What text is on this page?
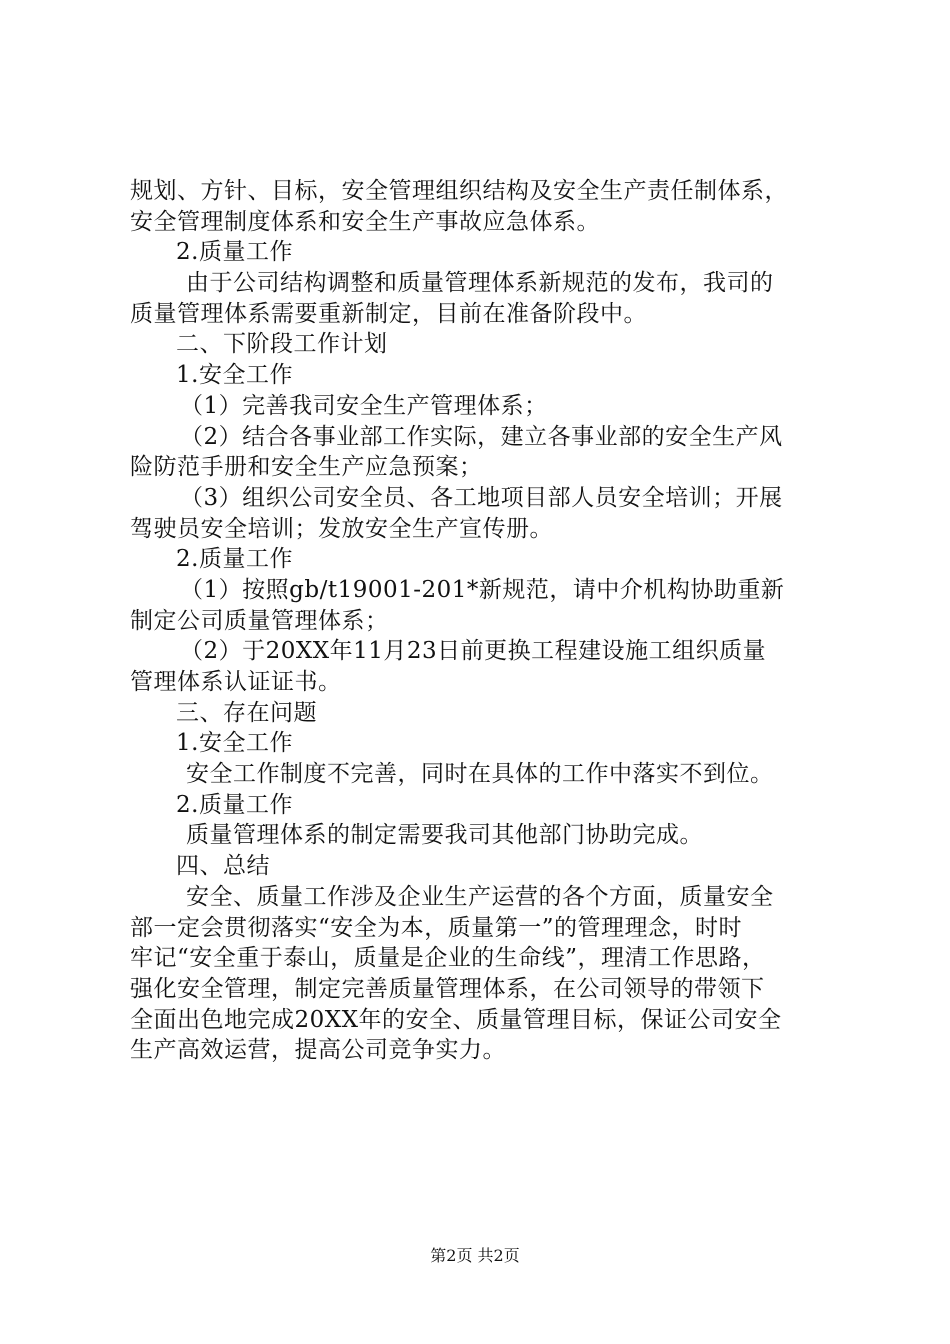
规划、方针、目标，安全管理组织结构及安全生产责任制体系，
安全管理制度体系和安全生产事故应急体系。
2.质量工作
由于公司结构调整和质量管理体系新规范的发布，我司的
质量管理体系需要重新制定，目前在准备阶段中。
二、下阶段工作计划
1.安全工作
（1）完善我司安全生产管理体系；
（2）结合各事业部工作实际，建立各事业部的安全生产风
险防范手册和安全生产应急预案；
（3）组织公司安全员、各工地项目部人员安全培训；开展
驾驶员安全培训；发放安全生产宣传册。
2.质量工作
（1）按照gb/t19001-201*新规范，请中介机构协助重新
制定公司质量管理体系；
（2）于20XX年11月23日前更换工程建设施工组织质量
管理体系认证证书。
三、存在问题
1.安全工作
安全工作制度不完善，同时在具体的工作中落实不到位。
2.质量工作
质量管理体系的制定需要我司其他部门协助完成。
四、总结
安全、质量工作涉及企业生产运营的各个方面，质量安全
部一定会贯彻落实“安全为本，质量第一”的管理理念，时时
牢记“安全重于泰山，质量是企业的生命线”，理清工作思路，
强化安全管理，制定完善质量管理体系，在公司领导的带领下
全面出色地完成20XX年的安全、质量管理目标，保证公司安全
生产高效运营，提高公司竞争实力。
第2页 共2页
